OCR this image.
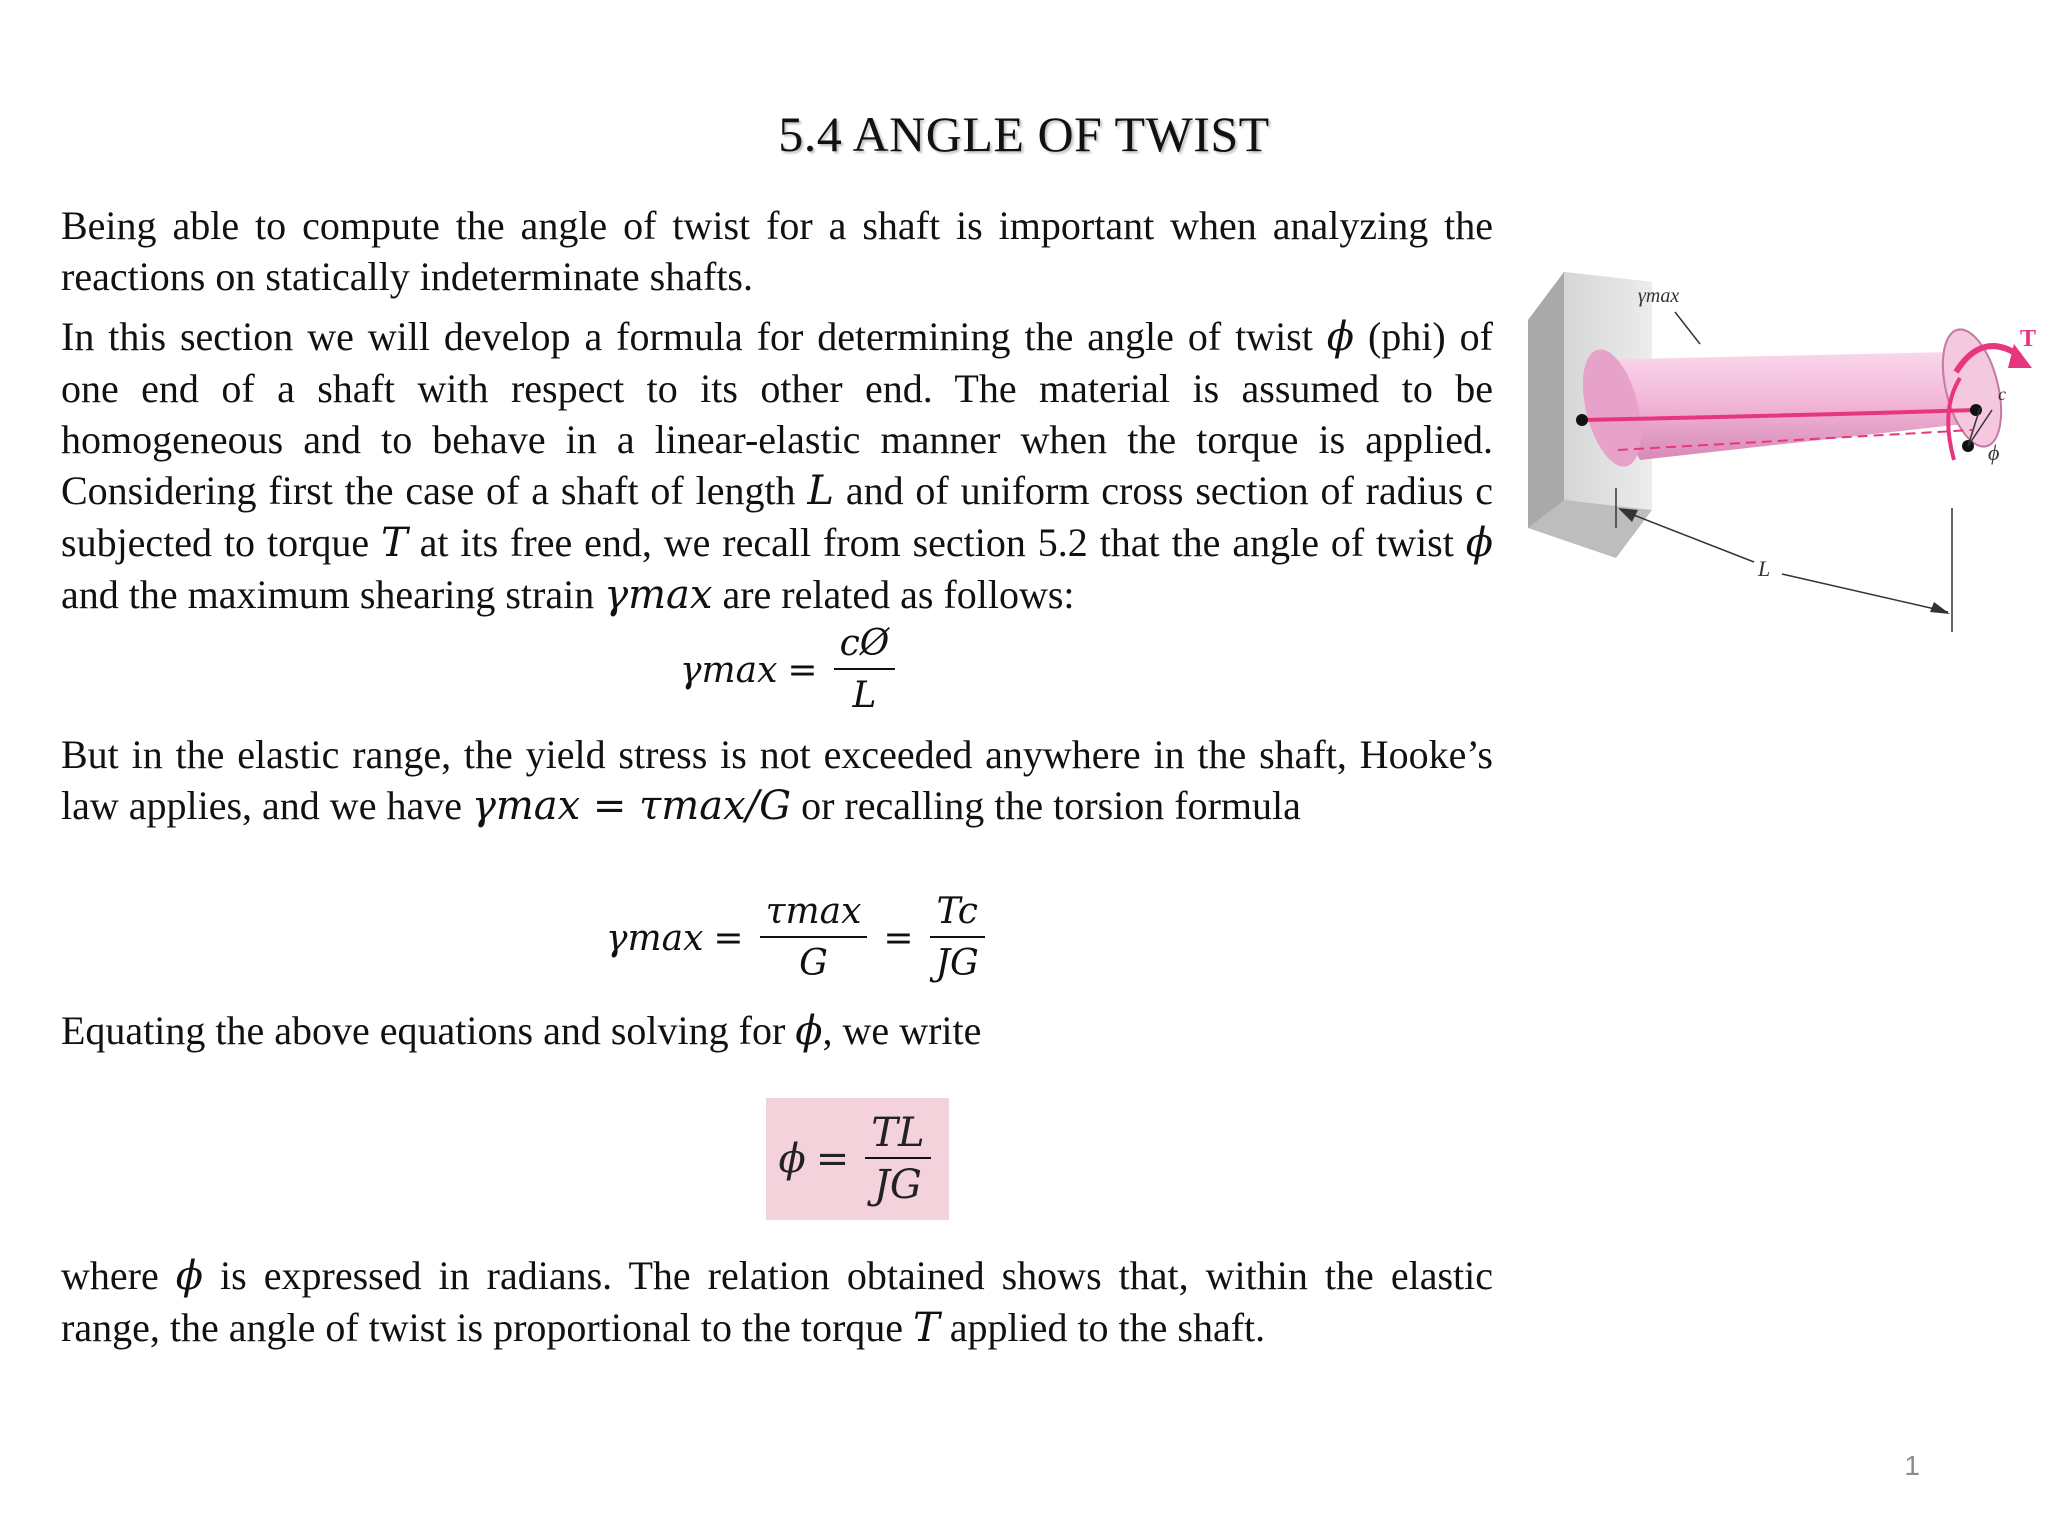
5.4 ANGLE OF TWIST

Being able to compute the angle of twist for a shaft is important when analyzing the reactions on statically indeterminate shafts.

In this section we will develop a formula for determining the angle of twist ϕ (phi) of one end of a shaft with respect to its other end. The material is assumed to be homogeneous and to behave in a linear-elastic manner when the torque is applied. Considering first the case of a shaft of length L and of uniform cross section of radius c subjected to torque T at its free end, we recall from section 5.2 that the angle of twist ϕ and the maximum shearing strain γmax are related as follows:

$\gamma\max = \frac{cØ}{L}$

But in the elastic range, the yield stress is not exceeded anywhere in the shaft, Hooke’s law applies, and we have γmax = τmax/G or recalling the torsion formula

$\gamma\max = \frac{\tau\max}{G} = \frac{Tc}{JG}$

Equating the above equations and solving for ϕ, we write

$\phi = \frac{TL}{JG}$

where ϕ is expressed in radians. The relation obtained shows that, within the elastic range, the angle of twist is proportional to the torque T applied to the shaft.

γmax
c
ϕ
T
L
1
